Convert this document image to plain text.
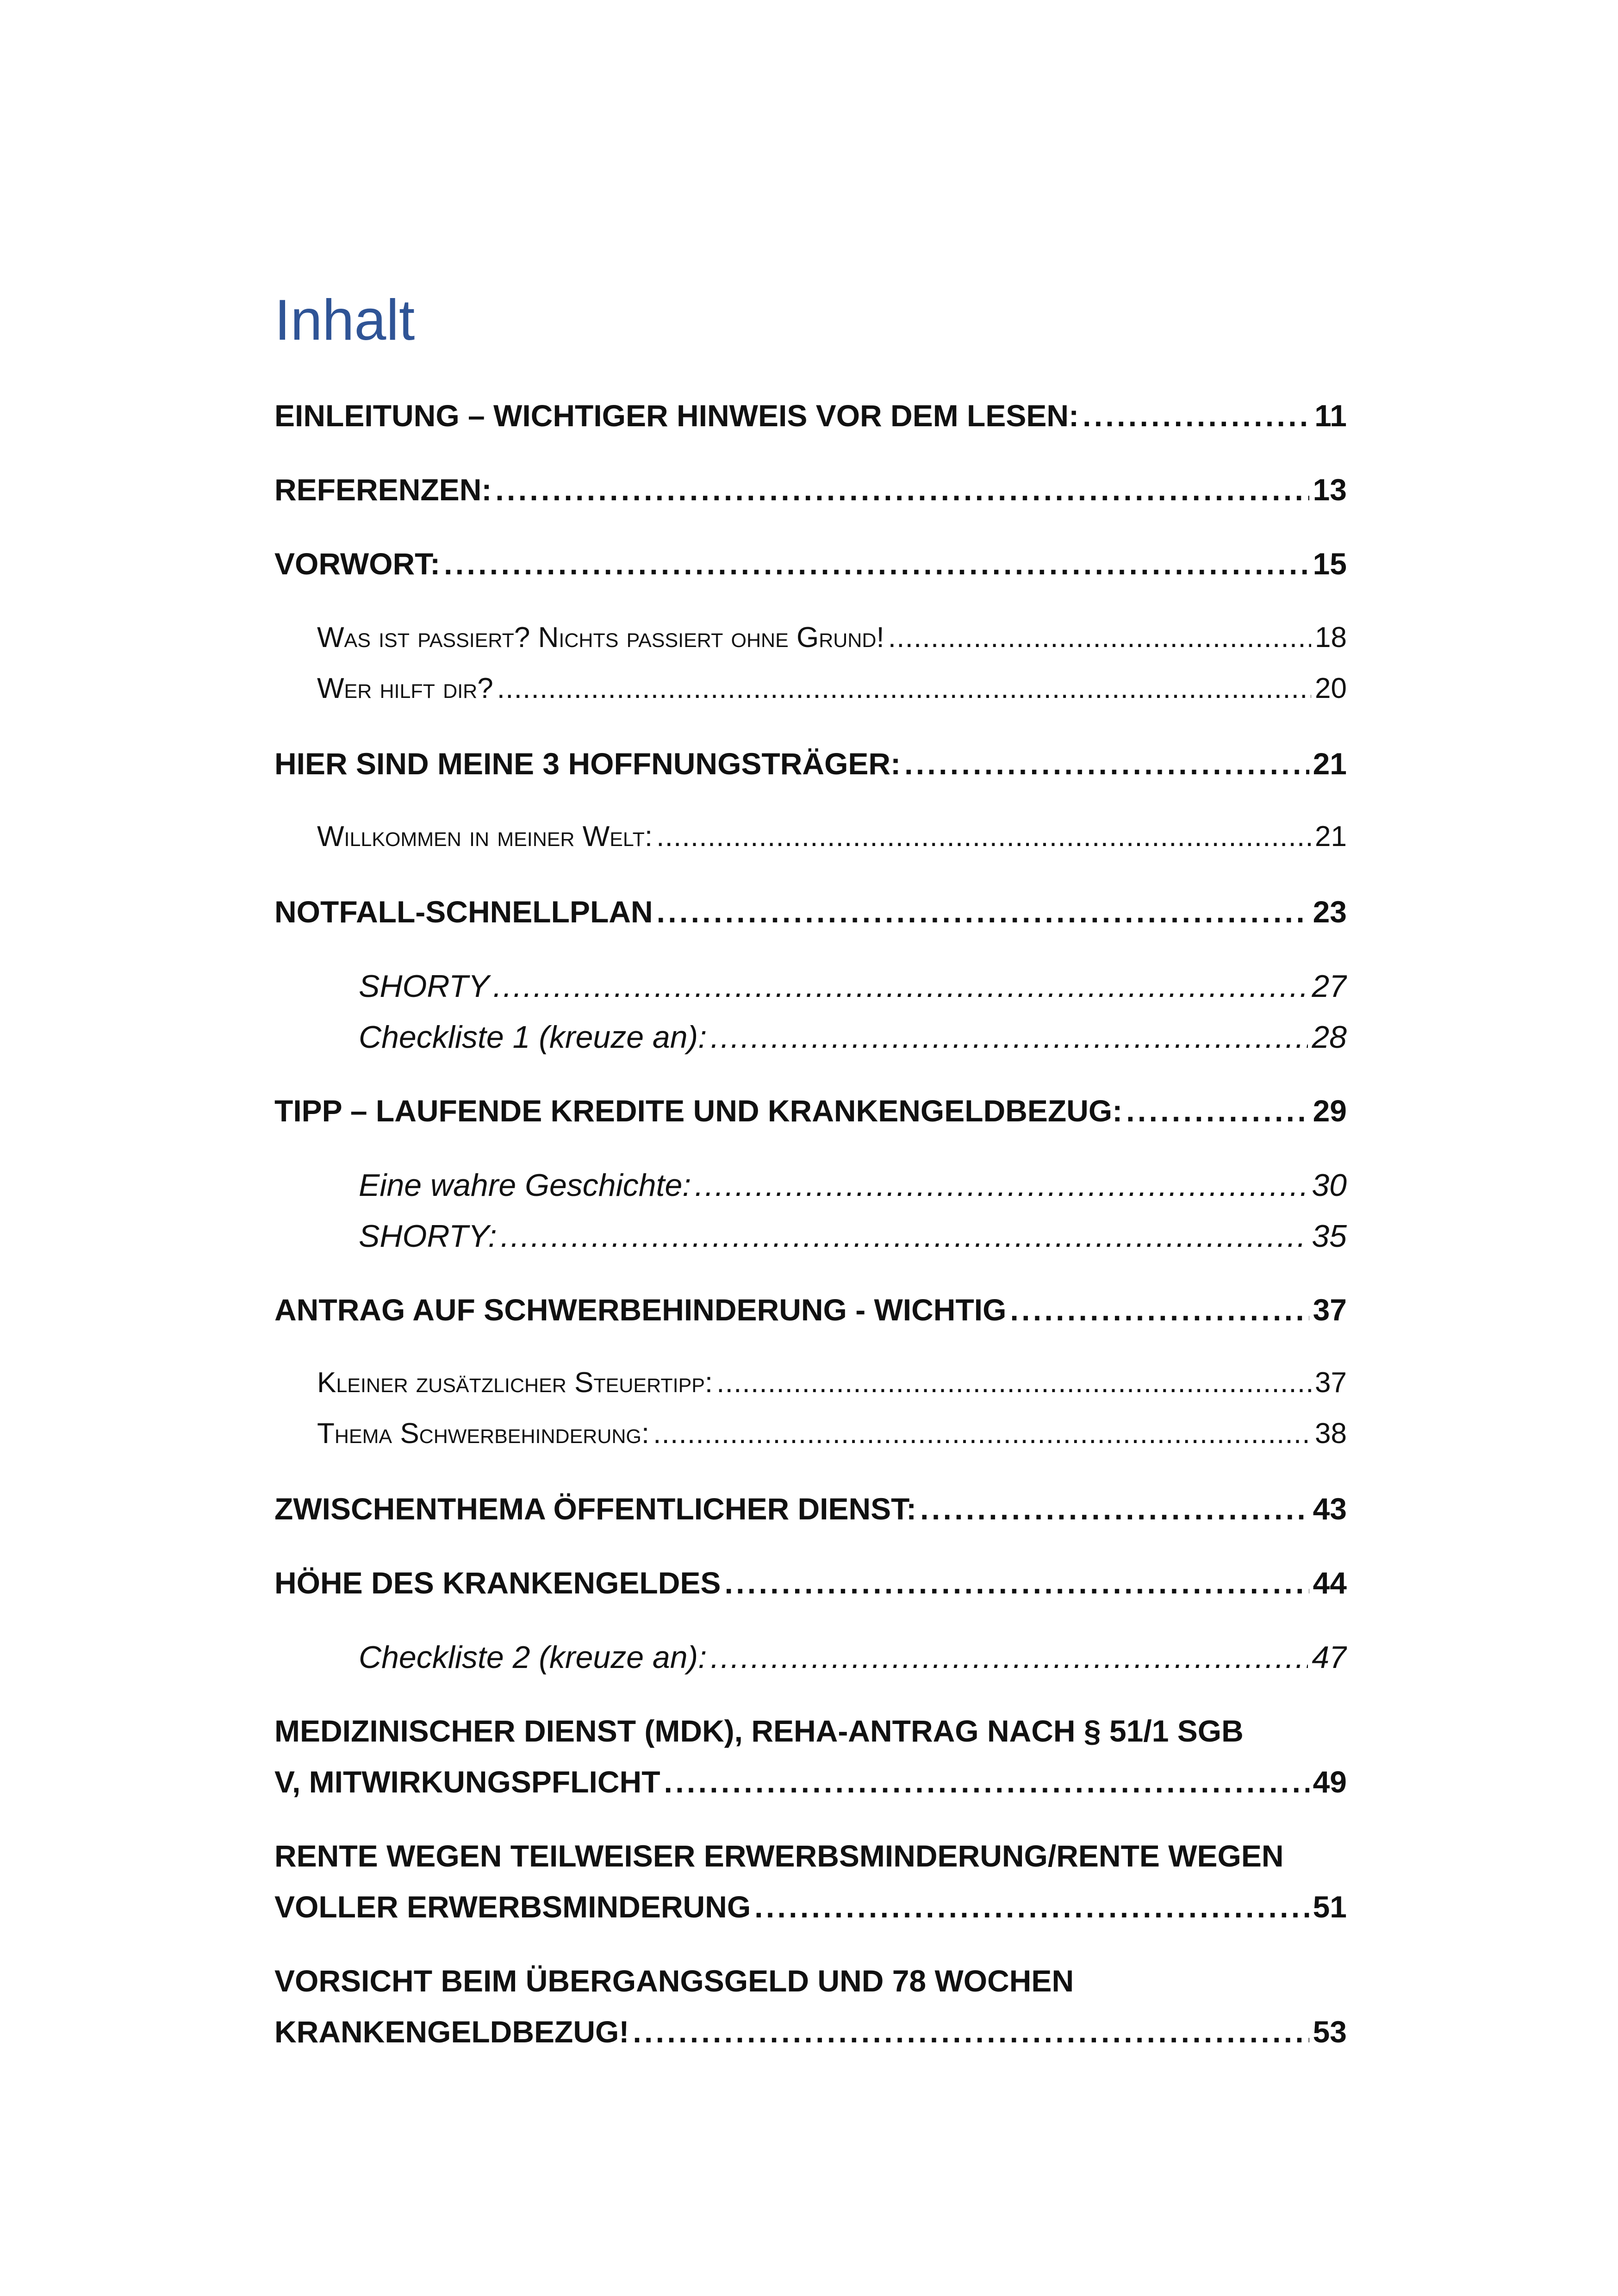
Inhalt
EINLEITUNG – WICHTIGER HINWEIS VOR DEM LESEN: . . .	11
REFERENZEN: . . .	13
VORWORT: . . .	15
Was ist passiert? Nichts passiert ohne Grund! . . .	18
Wer hilft dir? . . .	20
HIER SIND MEINE 3 HOFFNUNGSTRÄGER: . . .	21
Willkommen in meiner Welt: . . .	21
NOTFALL-SCHNELLPLAN . . .	23
SHORTY . . .	27
Checkliste 1 (kreuze an): . . .	28
TIPP – LAUFENDE KREDITE UND KRANKENGELDBEZUG: . . .	29
Eine wahre Geschichte: . . .	30
SHORTY: . . .	35
ANTRAG AUF SCHWERBEHINDERUNG - WICHTIG . . .	37
Kleiner zusätzlicher Steuertipp: . . .	37
Thema Schwerbehinderung: . . .	38
ZWISCHENTHEMA ÖFFENTLICHER DIENST: . . .	43
HÖHE DES KRANKENGELDES . . .	44
Checkliste 2 (kreuze an): . . .	47
MEDIZINISCHER DIENST (MDK), REHA-ANTRAG NACH § 51/1 SGB
V, MITWIRKUNGSPFLICHT . . .	49
RENTE WEGEN TEILWEISER ERWERBSMINDERUNG/RENTE WEGEN
VOLLER ERWERBSMINDERUNG . . .	51
VORSICHT BEIM ÜBERGANGSGELD UND 78 WOCHEN
KRANKENGELDBEZUG! . . .	53
